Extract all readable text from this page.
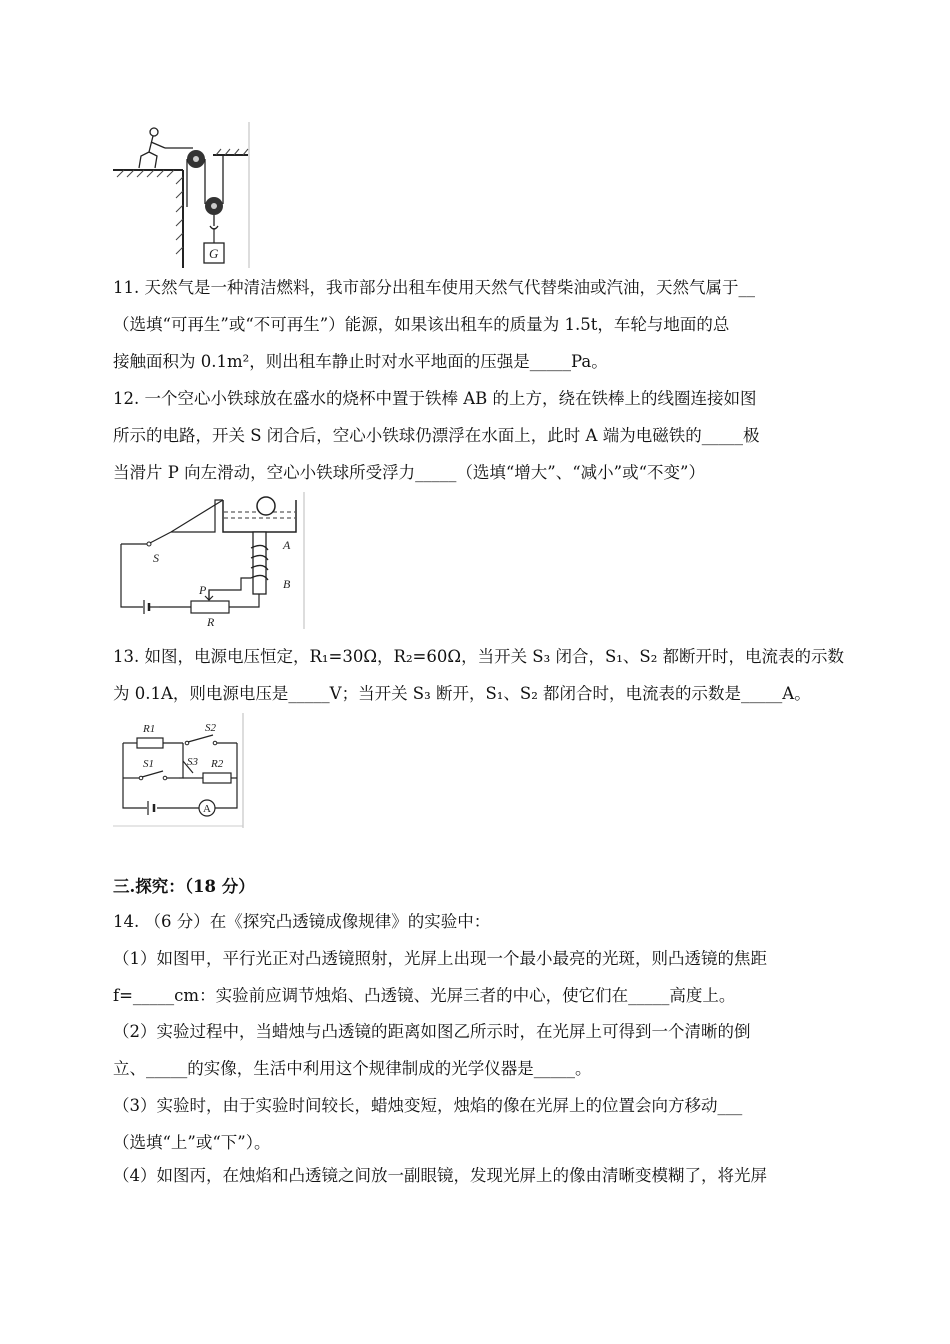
G
11. 天然气是一种清洁燃料，我市部分出租车使用天然气代替柴油或汽油，天然气属于__
（选填“可再生”或“不可再生”）能源，如果该出租车的质量为 1.5t，车轮与地面的总
接触面积为 0.1m²，则出租车静止时对水平地面的压强是_____Pa。
12. 一个空心小铁球放在盛水的烧杯中置于铁棒 AB 的上方，绕在铁棒上的线圈连接如图
所示的电路，开关 S 闭合后，空心小铁球仍漂浮在水面上，此时 A 端为电磁铁的_____极
当滑片 P 向左滑动，空心小铁球所受浮力_____（选填“增大”、“减小”或“不变”）
A
B
S
P
R
13. 如图，电源电压恒定，R₁=30Ω，R₂=60Ω，当开关 S₃ 闭合，S₁、S₂ 都断开时，电流表的示数
为 0.1A，则电源电压是_____V；当开关 S₃ 断开，S₁、S₂ 都闭合时，电流表的示数是_____A。
R1	S2
S1	S3 R2
A
三.探究：（18 分）
14. （6 分）在《探究凸透镜成像规律》的实验中：
（1）如图甲，平行光正对凸透镜照射，光屏上出现一个最小最亮的光斑，则凸透镜的焦距
f=_____cm：实验前应调节烛焰、凸透镜、光屏三者的中心，使它们在_____高度上。
（2）实验过程中，当蜡烛与凸透镜的距离如图乙所示时，在光屏上可得到一个清晰的倒
立、_____的实像，生活中利用这个规律制成的光学仪器是_____。
（3）实验时，由于实验时间较长，蜡烛变短，烛焰的像在光屏上的位置会向方移动___
（选填“上”或“下”）。
（4）如图丙，在烛焰和凸透镜之间放一副眼镜，发现光屏上的像由清晰变模糊了，将光屏
